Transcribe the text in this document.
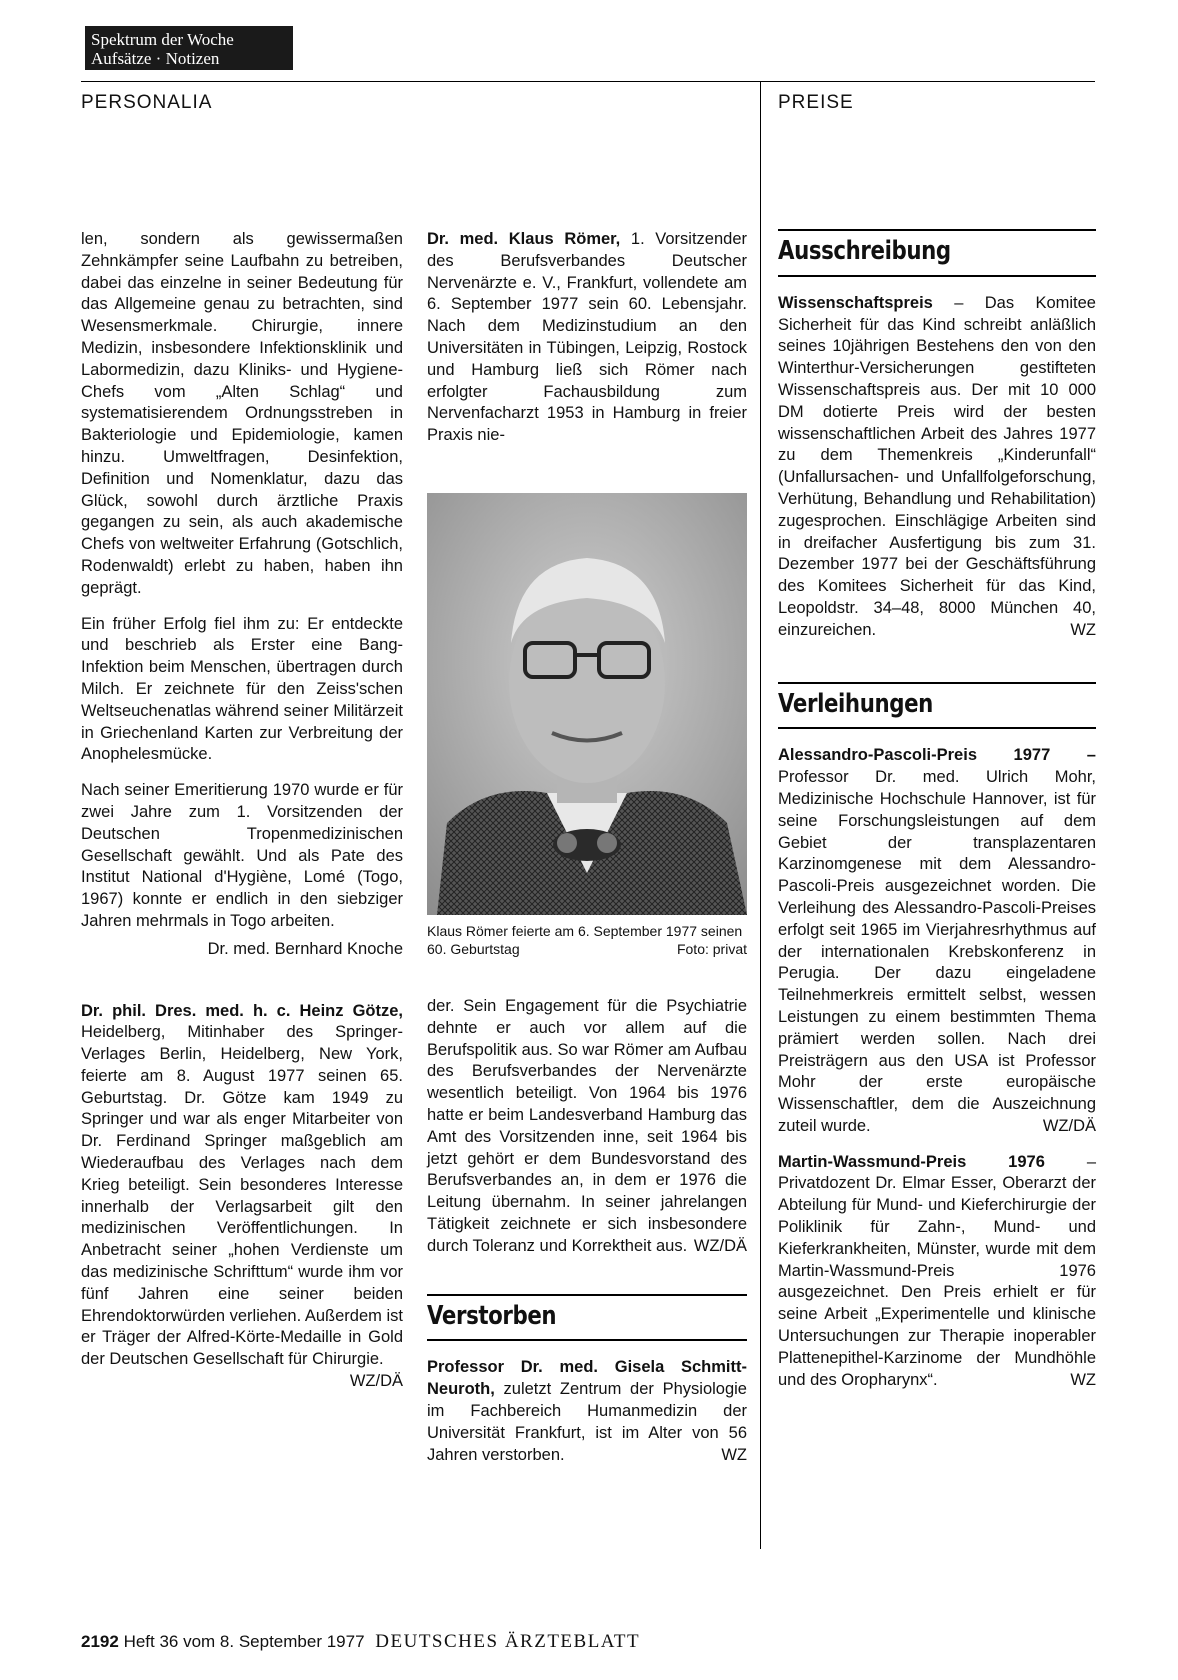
Spektrum der Woche
Aufsätze · Notizen
PERSONALIA	PREISE

len, sondern als gewissermaßen Zehnkämpfer seine Laufbahn zu betreiben, dabei das einzelne in seiner Bedeutung für das Allgemeine genau zu betrachten, sind Wesensmerkmale. Chirurgie, innere Medizin, insbesondere Infektionsklinik und Labormedizin, dazu Kliniks- und Hygiene-Chefs vom „Alten Schlag“ und systematisierendem Ordnungsstreben in Bakteriologie und Epidemiologie, kamen hinzu. Umweltfragen, Desinfektion, Definition und Nomenklatur, dazu das Glück, sowohl durch ärztliche Praxis gegangen zu sein, als auch akademische Chefs von weltweiter Erfahrung (Gotschlich, Rodenwaldt) erlebt zu haben, haben ihn geprägt.

Ein früher Erfolg fiel ihm zu: Er entdeckte und beschrieb als Erster eine Bang-Infektion beim Menschen, übertragen durch Milch. Er zeichnete für den Zeiss'schen Weltseuchenatlas während seiner Militärzeit in Griechenland Karten zur Verbreitung der Anophelesmücke.

Nach seiner Emeritierung 1970 wurde er für zwei Jahre zum 1. Vorsitzenden der Deutschen Tropenmedizinischen Gesellschaft gewählt. Und als Pate des Institut National d'Hygiène, Lomé (Togo, 1967) konnte er endlich in den siebziger Jahren mehrmals in Togo arbeiten.

Dr. med. Bernhard Knoche

Dr. phil. Dres. med. h. c. Heinz Götze, Heidelberg, Mitinhaber des Springer-Verlages Berlin, Heidelberg, New York, feierte am 8. August 1977 seinen 65. Geburtstag. Dr. Götze kam 1949 zu Springer und war als enger Mitarbeiter von Dr. Ferdinand Springer maßgeblich am Wiederaufbau des Verlages nach dem Krieg beteiligt. Sein besonderes Interesse innerhalb der Verlagsarbeit gilt den medizinischen Veröffentlichungen. In Anbetracht seiner „hohen Verdienste um das medizinische Schrifttum“ wurde ihm vor fünf Jahren eine seiner beiden Ehrendoktorwürden verliehen. Außerdem ist er Träger der Alfred-Körte-Medaille in Gold der Deutschen Gesellschaft für Chirurgie.
WZ/DÄ

Dr. med. Klaus Römer, 1. Vorsitzender des Berufsverbandes Deutscher Nervenärzte e. V., Frankfurt, vollendete am 6. September 1977 sein 60. Lebensjahr. Nach dem Medizinstudium an den Universitäten in Tübingen, Leipzig, Rostock und Hamburg ließ sich Römer nach erfolgter Fachausbildung zum Nervenfacharzt 1953 in Hamburg in freier Praxis nie-

Klaus Römer feierte am 6. September 1977 seinen 60. Geburtstag	Foto: privat

der. Sein Engagement für die Psychiatrie dehnte er auch vor allem auf die Berufspolitik aus. So war Römer am Aufbau des Berufsverbandes der Nervenärzte wesentlich beteiligt. Von 1964 bis 1976 hatte er beim Landesverband Hamburg das Amt des Vorsitzenden inne, seit 1964 bis jetzt gehört er dem Bundesvorstand des Berufsverbandes an, in dem er 1976 die Leitung übernahm. In seiner jahrelangen Tätigkeit zeichnete er sich insbesondere durch Toleranz und Korrektheit aus. WZ/DÄ

Verstorben

Professor Dr. med. Gisela Schmitt-Neuroth, zuletzt Zentrum der Physiologie im Fachbereich Humanmedizin der Universität Frankfurt, ist im Alter von 56 Jahren verstorben.	WZ

Ausschreibung

Wissenschaftspreis – Das Komitee Sicherheit für das Kind schreibt anläßlich seines 10jährigen Bestehens den von den Winterthur-Versicherungen gestifteten Wissenschaftspreis aus. Der mit 10 000 DM dotierte Preis wird der besten wissenschaftlichen Arbeit des Jahres 1977 zu dem Themenkreis „Kinderunfall“ (Unfallursachen- und Unfallfolgeforschung, Verhütung, Behandlung und Rehabilitation) zugesprochen. Einschlägige Arbeiten sind in dreifacher Ausfertigung bis zum 31. Dezember 1977 bei der Geschäftsführung des Komitees Sicherheit für das Kind, Leopoldstr. 34–48, 8000 München 40, einzureichen.	WZ

Verleihungen

Alessandro-Pascoli-Preis 1977 – Professor Dr. med. Ulrich Mohr, Medizinische Hochschule Hannover, ist für seine Forschungsleistungen auf dem Gebiet der transplazentaren Karzinomgenese mit dem Alessandro-Pascoli-Preis ausgezeichnet worden. Die Verleihung des Alessandro-Pascoli-Preises erfolgt seit 1965 im Vierjahresrhythmus auf der internationalen Krebskonferenz in Perugia. Der dazu eingeladene Teilnehmerkreis ermittelt selbst, wessen Leistungen zu einem bestimmten Thema prämiert werden sollen. Nach drei Preisträgern aus den USA ist Professor Mohr der erste europäische Wissenschaftler, dem die Auszeichnung zuteil wurde.	WZ/DÄ

Martin-Wassmund-Preis 1976 – Privatdozent Dr. Elmar Esser, Oberarzt der Abteilung für Mund- und Kieferchirurgie der Poliklinik für Zahn-, Mund- und Kieferkrankheiten, Münster, wurde mit dem Martin-Wassmund-Preis 1976 ausgezeichnet. Den Preis erhielt er für seine Arbeit „Experimentelle und klinische Untersuchungen zur Therapie inoperabler Plattenepithel-Karzinome der Mundhöhle und des Oropharynx“.	WZ

2192 Heft 36 vom 8. September 1977 DEUTSCHES ÄRZTEBLATT
